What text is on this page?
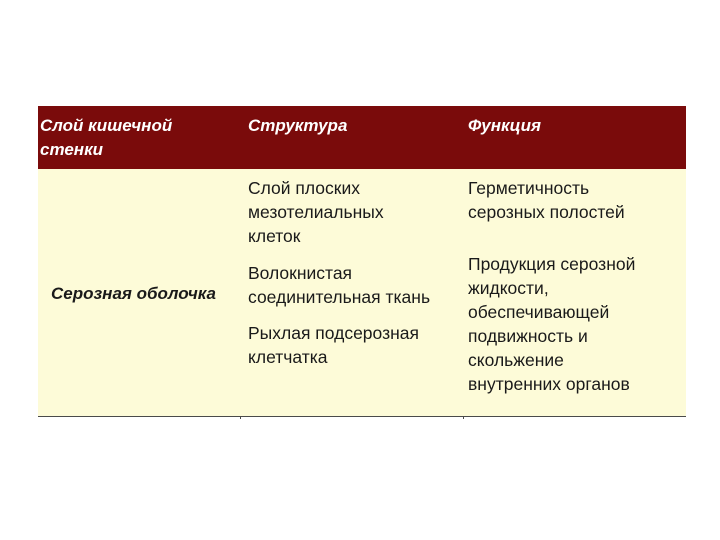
Слой кишечной
стенки
Структура	Функция
Серозная оболочка
Слой плоских
мезотелиальных
клеток
Волокнистая
соединительная ткань
Рыхлая подсерозная
клетчатка
Герметичность
серозных полостей
Продукция серозной
жидкости,
обеспечивающей
подвижность и
скольжение
внутренних органов
